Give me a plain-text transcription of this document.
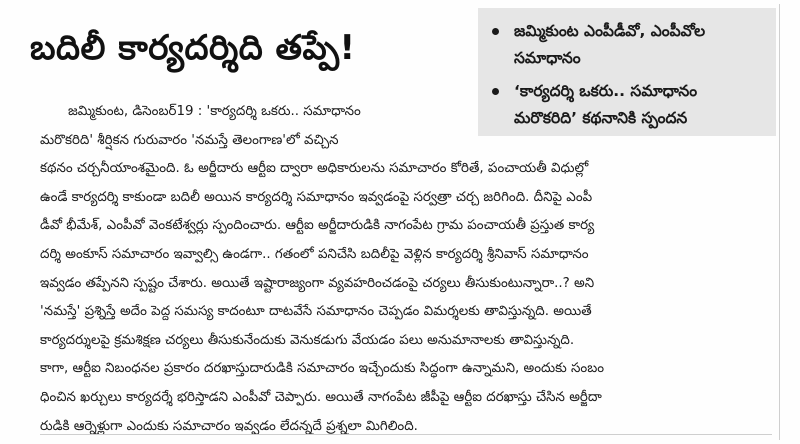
బదిలీ కార్యదర్శిది తప్పే!	జమ్మికుంట ఎంపీడీవో, ఎంపీవోల సమాధానం
‘కార్యదర్శి ఒకరు.. సమాధానం మరొకరిది’ కథనానికి స్పందన
జమ్మికుంట, డిసెంబర్19 : 'కార్యదర్శి ఒకరు.. సమాధానం
మరొకరిది' శీర్షికన గురువారం 'నమస్తే తెలంగాణ'లో వచ్చిన
కథనం చర్చనీయాంశమైంది. ఓ అర్జీదారు ఆర్టీఐ ద్వారా అధికారులను సమాచారం కోరితే, పంచాయతీ విధుల్లో
ఉండే కార్యదర్శి కాకుండా బదిలీ అయిన కార్యదర్శి సమాధానం ఇవ్వడంపై సర్వత్రా చర్చ జరిగింది. దీనిపై ఎంపీ
డీవో భీమేశ్, ఎంపీవో వెంకటేశ్వర్లు స్పందించారు. ఆర్టీఐ అర్జీదారుడికి నాగంపేట గ్రామ పంచాయతీ ప్రస్తుత కార్య
దర్శి అంకూస్ సమాచారం ఇవ్వాల్సి ఉండగా.. గతంలో పనిచేసి బదిలీపై వెళ్లిన కార్యదర్శి శ్రీనివాస్ సమాధానం
ఇవ్వడం తప్పేనని స్పష్టం చేశారు. అయితే ఇష్టారాజ్యంగా వ్యవహరించడంపై చర్యలు తీసుకుంటున్నారా..? అని
'నమస్తే' ప్రశ్నిస్తే అదేం పెద్ద సమస్య కాదంటూ దాటవేసే సమాధానం చెప్పడం విమర్శలకు తావిస్తున్నది. అయితే
కార్యదర్శులపై క్రమశిక్షణ చర్యలు తీసుకునేందుకు వెనుకడుగు వేయడం పలు అనుమానాలకు తావిస్తున్నది.
కాగా, ఆర్టీఐ నిబంధనల ప్రకారం దరఖాస్తుదారుడికి సమాచారం ఇచ్చేందుకు సిద్ధంగా ఉన్నామని, అందుకు సంబం
ధించిన ఖర్చులు కార్యదర్శే భరిస్తాడని ఎంపీవో చెప్పారు. అయితే నాగంపేట జీపీపై ఆర్టీఐ దరఖాస్తు చేసిన అర్జీదా
రుడికి ఆర్నెళ్లుగా ఎందుకు సమాచారం ఇవ్వడం లేదన్నదే ప్రశ్నలా మిగిలింది.
